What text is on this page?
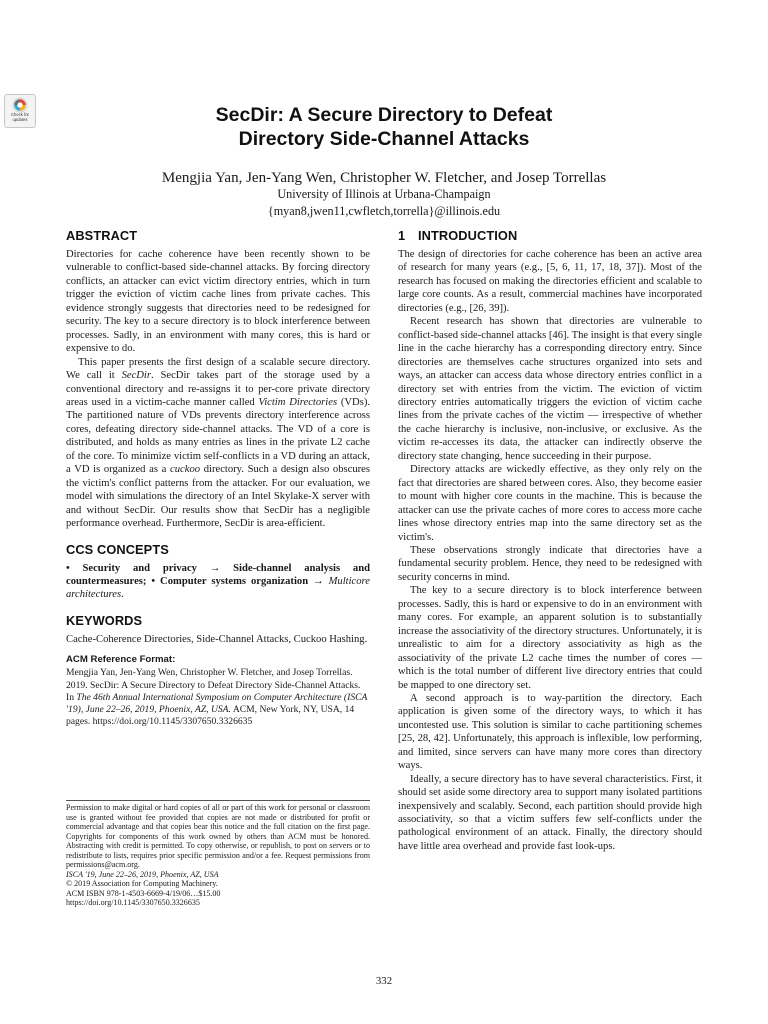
Check for
updates	SecDir: A Secure Directory to Defeat
Directory Side-Channel Attacks
Mengjia Yan, Jen-Yang Wen, Christopher W. Fletcher, and Josep Torrellas
University of Illinois at Urbana-Champaign
{myan8,jwen11,cwfletch,torrella}@illinois.edu
ABSTRACT

Directories for cache coherence have been recently shown to be vulnerable to conflict-based side-channel attacks. By forcing directory conflicts, an attacker can evict victim directory entries, which in turn trigger the eviction of victim cache lines from private caches. This evidence strongly suggests that directories need to be redesigned for security. The key to a secure directory is to block interference between processes. Sadly, in an environment with many cores, this is hard or expensive to do.

This paper presents the first design of a scalable secure directory. We call it SecDir. SecDir takes part of the storage used by a conventional directory and re-assigns it to per-core private directory areas used in a victim-cache manner called Victim Directories (VDs). The partitioned nature of VDs prevents directory interference across cores, defeating directory side-channel attacks. The VD of a core is distributed, and holds as many entries as lines in the private L2 cache of the core. To minimize victim self-conflicts in a VD during an attack, a VD is organized as a cuckoo directory. Such a design also obscures the victim's conflict patterns from the attacker. For our evaluation, we model with simulations the directory of an Intel Skylake-X server with and without SecDir. Our results show that SecDir has a negligible performance overhead. Furthermore, SecDir is area-efficient.

CCS CONCEPTS
• Security and privacy → Side-channel analysis and countermeasures; • Computer systems organization → Multicore architectures.
KEYWORDS

Cache-Coherence Directories, Side-Channel Attacks, Cuckoo Hashing.

ACM Reference Format:

Mengjia Yan, Jen-Yang Wen, Christopher W. Fletcher, and Josep Torrellas. 2019. SecDir: A Secure Directory to Defeat Directory Side-Channel Attacks. In The 46th Annual International Symposium on Computer Architecture (ISCA '19), June 22–26, 2019, Phoenix, AZ, USA. ACM, New York, NY, USA, 14 pages. https://doi.org/10.1145/3307650.3326635

Permission to make digital or hard copies of all or part of this work for personal or classroom use is granted without fee provided that copies are not made or distributed for profit or commercial advantage and that copies bear this notice and the full citation on the first page. Copyrights for components of this work owned by others than ACM must be honored. Abstracting with credit is permitted. To copy otherwise, or republish, to post on servers or to redistribute to lists, requires prior specific permission and/or a fee. Request permissions from permissions@acm.org.

ISCA '19, June 22–26, 2019, Phoenix, AZ, USA

© 2019 Association for Computing Machinery.

ACM ISBN 978-1-4503-6669-4/19/06…$15.00

https://doi.org/10.1145/3307650.3326635

1 INTRODUCTION

The design of directories for cache coherence has been an active area of research for many years (e.g., [5, 6, 11, 17, 18, 37]). Most of the research has focused on making the directories efficient and scalable to large core counts. As a result, commercial machines have incorporated directories (e.g., [26, 39]).

Recent research has shown that directories are vulnerable to conflict-based side-channel attacks [46]. The insight is that every single line in the cache hierarchy has a corresponding directory entry. Since directories are themselves cache structures organized into sets and ways, an attacker can access data whose directory entries conflict in a directory set with entries from the victim. The eviction of victim directory entries automatically triggers the eviction of victim cache lines from the private caches of the victim — irrespective of whether the cache hierarchy is inclusive, non-inclusive, or exclusive. As the victim re-accesses its data, the attacker can indirectly observe the directory state changing, hence succeeding in their purpose.

Directory attacks are wickedly effective, as they only rely on the fact that directories are shared between cores. Also, they become easier to mount with higher core counts in the machine. This is because the attacker can use the private caches of more cores to access more cache lines whose directory entries map into the same directory set as the victim's.

These observations strongly indicate that directories have a fundamental security problem. Hence, they need to be redesigned with security concerns in mind.

The key to a secure directory is to block interference between processes. Sadly, this is hard or expensive to do in an environment with many cores. For example, an apparent solution is to substantially increase the associativity of the directory structures. Unfortunately, it is unrealistic to aim for a directory associativity as high as the associativity of the private L2 cache times the number of cores — which is the total number of different live directory entries that could be mapped to one directory set.

A second approach is to way-partition the directory. Each application is given some of the directory ways, to which it has uncontested use. This solution is similar to cache partitioning schemes [25, 28, 42]. Unfortunately, this approach is inflexible, low performing, and limited, since servers can have many more cores than directory ways.

Ideally, a secure directory has to have several characteristics. First, it should set aside some directory area to support many isolated partitions inexpensively and scalably. Second, each partition should provide high associativity, so that a victim suffers few self-conflicts under the pathological environment of an attack. Finally, the directory should have little area overhead and provide fast look-ups.

332
